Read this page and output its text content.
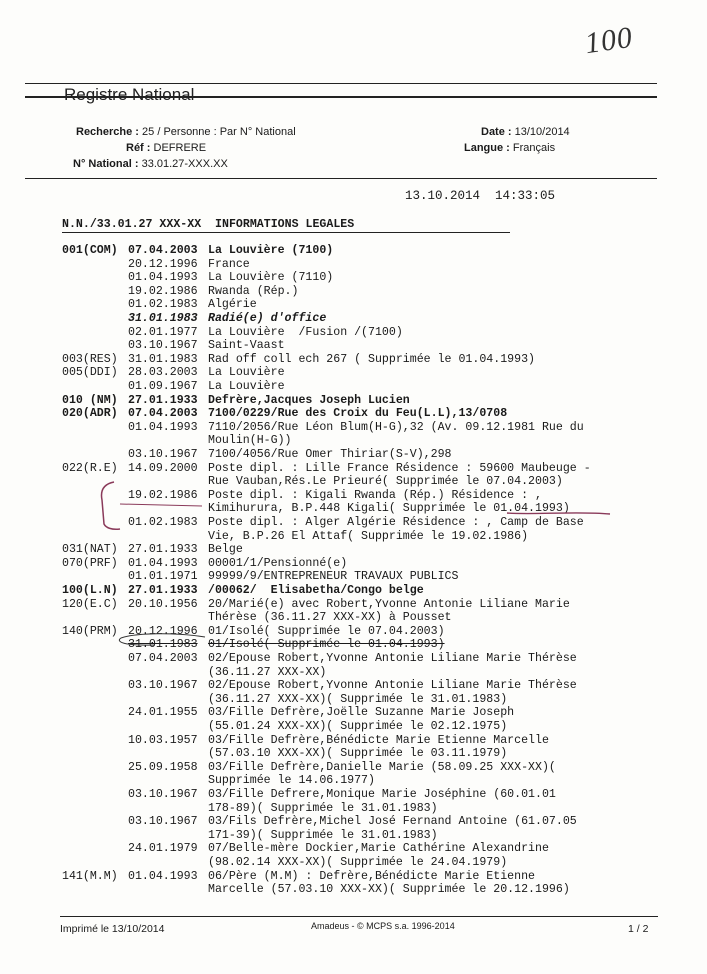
100
Registre National
Recherche : 25 / Personne : Par N° National
Réf : DEFRERE
N° National : 33.01.27-XXX.XX
Date : 13/10/2014
Langue : Français
13.10.2014  14:33:05
N.N./33.01.27 XXX-XX  INFORMATIONS LEGALES
001(COM) 07.04.2003 La Louvière (7100)
20.12.1996 France
01.04.1993 La Louvière (7110)
19.02.1986 Rwanda (Rép.)
01.02.1983 Algérie
31.01.1983 Radié(e) d'office
02.01.1977 La Louvière  /Fusion /(7100)
03.10.1967 Saint-Vaast
003(RES) 31.01.1983 Rad off coll ech 267 ( Supprimée le 01.04.1993)
005(DDI) 28.03.2003 La Louvière
01.09.1967 La Louvière
010 (NM) 27.01.1933 Defrère,Jacques Joseph Lucien
020(ADR) 07.04.2003 7100/0229/Rue des Croix du Feu(L.L),13/0708
01.04.1993 7110/2056/Rue Léon Blum(H-G),32 (Av. 09.12.1981 Rue du
Moulin(H-G))
03.10.1967 7100/4056/Rue Omer Thiriar(S-V),298
022(R.E) 14.09.2000 Poste dipl. : Lille France Résidence : 59600 Maubeuge -
Rue Vauban,Rés.Le Prieuré( Supprimée le 07.04.2003)
19.02.1986 Poste dipl. : Kigali Rwanda (Rép.) Résidence : ,
Kimihurura, B.P.448 Kigali( Supprimée le 01.04.1993)
01.02.1983 Poste dipl. : Alger Algérie Résidence : , Camp de Base
Vie, B.P.26 El Attaf( Supprimée le 19.02.1986)
031(NAT) 27.01.1933 Belge
070(PRF) 01.04.1993 00001/1/Pensionné(e)
01.01.1971 99999/9/ENTREPRENEUR TRAVAUX PUBLICS
100(L.N) 27.01.1933 /00062/  Elisabetha/Congo belge
120(E.C) 20.10.1956 20/Marié(e) avec Robert,Yvonne Antonie Liliane Marie
Thérèse (36.11.27 XXX-XX) à Pousset
140(PRM) 20.12.1996 01/Isolé( Supprimée le 07.04.2003)
31.01.1983 01/Isolé( Supprimée le 01.04.1993)
07.04.2003 02/Epouse Robert,Yvonne Antonie Liliane Marie Thérèse
(36.11.27 XXX-XX)
03.10.1967 02/Epouse Robert,Yvonne Antonie Liliane Marie Thérèse
(36.11.27 XXX-XX)( Supprimée le 31.01.1983)
24.01.1955 03/Fille Defrère,Joëlle Suzanne Marie Joseph
(55.01.24 XXX-XX)( Supprimée le 02.12.1975)
10.03.1957 03/Fille Defrère,Bénédicte Marie Etienne Marcelle
(57.03.10 XXX-XX)( Supprimée le 03.11.1979)
25.09.1958 03/Fille Defrère,Danielle Marie (58.09.25 XXX-XX)(
Supprimée le 14.06.1977)
03.10.1967 03/Fille Defrere,Monique Marie Joséphine (60.01.01
178-89)( Supprimée le 31.01.1983)
03.10.1967 03/Fils Defrère,Michel José Fernand Antoine (61.07.05
171-39)( Supprimée le 31.01.1983)
24.01.1979 07/Belle-mère Dockier,Marie Cathérine Alexandrine
(98.02.14 XXX-XX)( Supprimée le 24.04.1979)
141(M.M) 01.04.1993 06/Père (M.M) : Defrère,Bénédicte Marie Etienne
Marcelle (57.03.10 XXX-XX)( Supprimée le 20.12.1996)
Imprimé le 13/10/2014	Amadeus - © MCPS s.a. 1996-2014	1 / 2
